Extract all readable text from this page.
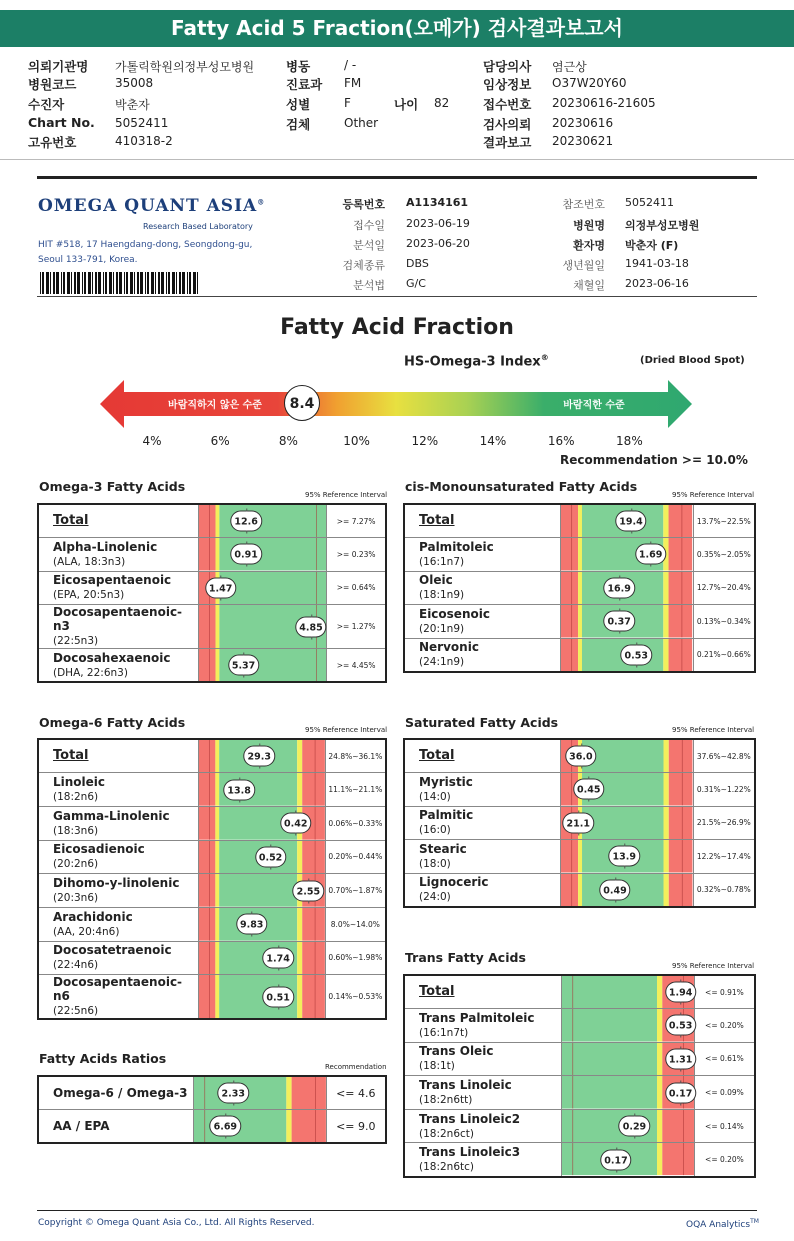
Fatty Acid 5 Fraction(오메가) 검사결과보고서
의뢰기관명 가톨릭학원의정부성모병원
병원코드	35008
수진자	박춘자
Chart No. 5052411
고유번호	410318-2
병동	/ -
진료과 FM
성별	F
검체	Other
나이 82
담당의사 염근상
임상정보 O37W20Y60
접수번호 20230616-21605
검사의뢰 20230616
결과보고 20230621
OMEGA QUANT ASIA®
Research Based Laboratory
HIT #518, 17 Haengdang-dong, Seongdong-gu,
Seoul 133-791, Korea.
등록번호 A1134161
접수일 2023-06-19
분석일 2023-06-20
검체종류 DBS
분석법 G/C
참조번호 5052411
병원명 의정부성모병원
환자명 박춘자 (F)
생년월일 1941-03-18
채혈일 2023-06-16
Fatty Acid Fraction
HS-Omega-3 Index®	(Dried Blood Spot)
바람직하지 않은 수준	바람직한 수준
8.4
4%	6%	8%	10%	12%	14%	16%	18%
Recommendation >= 10.0%
Omega-3 Fatty Acids
95% Reference Interval
Total	12.6	>= 7.27%
Alpha-Linolenic
(ALA, 18:3n3)	0.91	>= 0.23%
Eicosapentaenoic
(EPA, 20:5n3)	1.47	>= 0.64%
Docosapentaenoic-n3
(22:5n3)	4.85	>= 1.27%
Docosahexaenoic
(DHA, 22:6n3)	5.37	>= 4.45%
cis-Monounsaturated Fatty Acids
95% Reference Interval
Total	19.4	13.7%~22.5%
Palmitoleic
(16:1n7)	1.69	0.35%~2.05%
Oleic
(18:1n9)	16.9	12.7%~20.4%
Eicosenoic
(20:1n9)	0.37	0.13%~0.34%
Nervonic
(24:1n9)	0.53	0.21%~0.66%
Omega-6 Fatty Acids	95% Reference Interval
Total	29.3	24.8%~36.1%
Linoleic
(18:2n6)	13.8	11.1%~21.1%
Gamma-Linolenic
(18:3n6)	0.42	0.06%~0.33%
Eicosadienoic
(20:2n6)	0.52	0.20%~0.44%
Dihomo-y-linolenic
(20:3n6)	2.55	0.70%~1.87%
Arachidonic
(AA, 20:4n6)	9.83	8.0%~14.0%
Docosatetraenoic
(22:4n6)	1.74	0.60%~1.98%
Docosapentaenoic-n6
(22:5n6)	0.51	0.14%~0.53%
Saturated Fatty Acids	95% Reference Interval
Total	36.0	37.6%~42.8%
Myristic
(14:0)	0.45	0.31%~1.22%
Palmitic
(16:0)	21.1	21.5%~26.9%
Stearic
(18:0)	13.9	12.2%~17.4%
Lignoceric
(24:0)	0.49	0.32%~0.78%
Trans Fatty Acids
95% Reference Interval
Total	1.94	<= 0.91%
Trans Palmitoleic
(16:1n7t)	0.53	<= 0.20%
Trans Oleic
(18:1t)	1.31	<= 0.61%
Trans Linoleic
(18:2n6tt)	0.17	<= 0.09%
Trans Linoleic2
(18:2n6ct)	0.29	<= 0.14%
Trans Linoleic3
(18:2n6tc)	0.17	<= 0.20%
Fatty Acids Ratios
Recommendation
Omega-6 / Omega-3	2.33	<= 4.6
AA / EPA	6.69	<= 9.0
Copyright © Omega Quant Asia Co., Ltd. All Rights Reserved.	OQA Analytics™
